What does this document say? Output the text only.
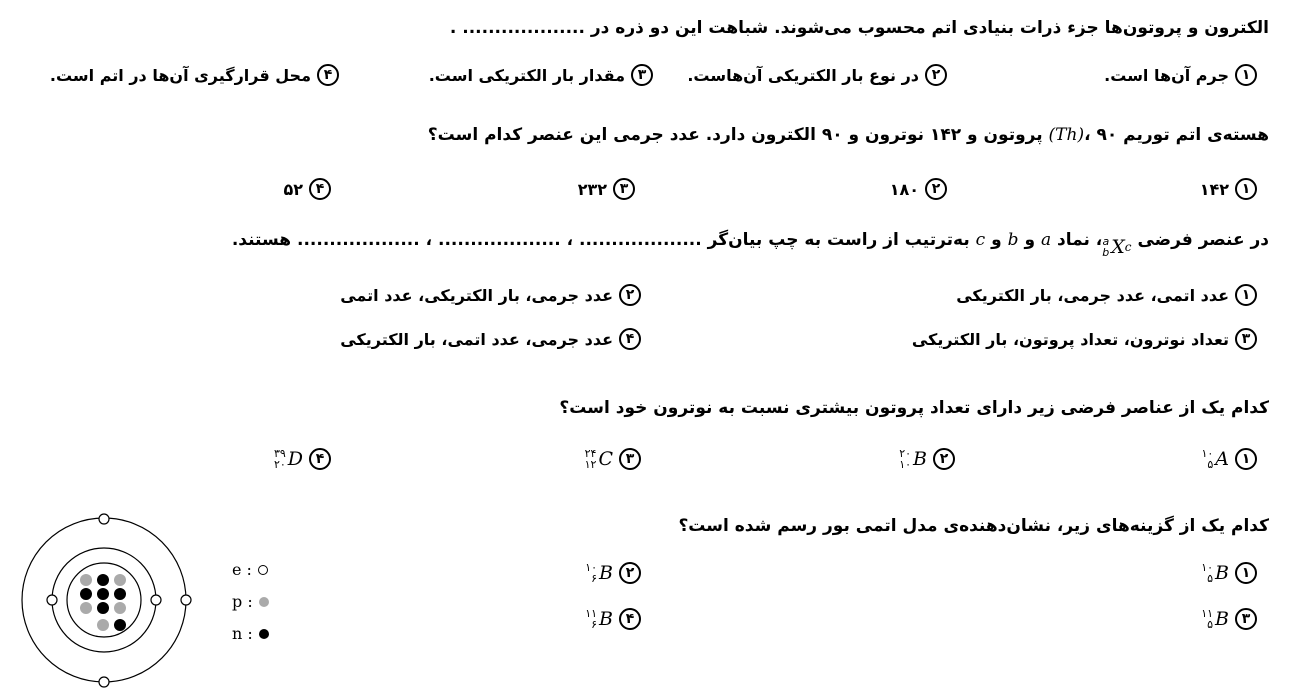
الکترون و پروتون‌ها جزء ذرات بنیادی اتم محسوب می‌شوند. شباهت این دو ذره در ................... .
۱
جرم آن‌ها است.
۲
در نوع بار الکتریکی آن‌هاست.
۳
مقدار بار الکتریکی است.
۴
محل قرارگیری آن‌ها در اتم است.
هسته‌ی اتم توریم (Th)، ۹۰ پروتون و ۱۴۲ نوترون و ۹۰ الکترون دارد. عدد جرمی این عنصر کدام است؟
۱
۱۴۲
۲
۱۸۰
۳
۲۳۲
۴
۵۲
در عنصر فرضی
a
b X c
، نماد a و b و c به‌ترتیب از راست به چپ بیان‌گر ................... ، ................... ، ................... هستند.
۱
عدد اتمی، عدد جرمی، بار الکتریکی
۲
عدد جرمی، بار الکتریکی، عدد اتمی
۳
تعداد نوترون، تعداد پروتون، بار الکتریکی
۴
عدد جرمی، عدد اتمی، بار الکتریکی
کدام یک از عناصر فرضی زیر دارای تعداد پروتون بیشتری نسبت به نوترون خود است؟
۱
۱۰
۵ A
۲
۲۰
۱۰ B
۳
۲۴
۱۲ C
۴
۳۹
۲۰ D
کدام یک از گزینه‌های زیر، نشان‌دهنده‌ی مدل اتمی بور رسم شده است؟
۱
۱۰
۵ B
۲
۱۰
۶ B
۳
۱۱
۵ B
۴
۱۱
۶ B
e :
p :
n :
